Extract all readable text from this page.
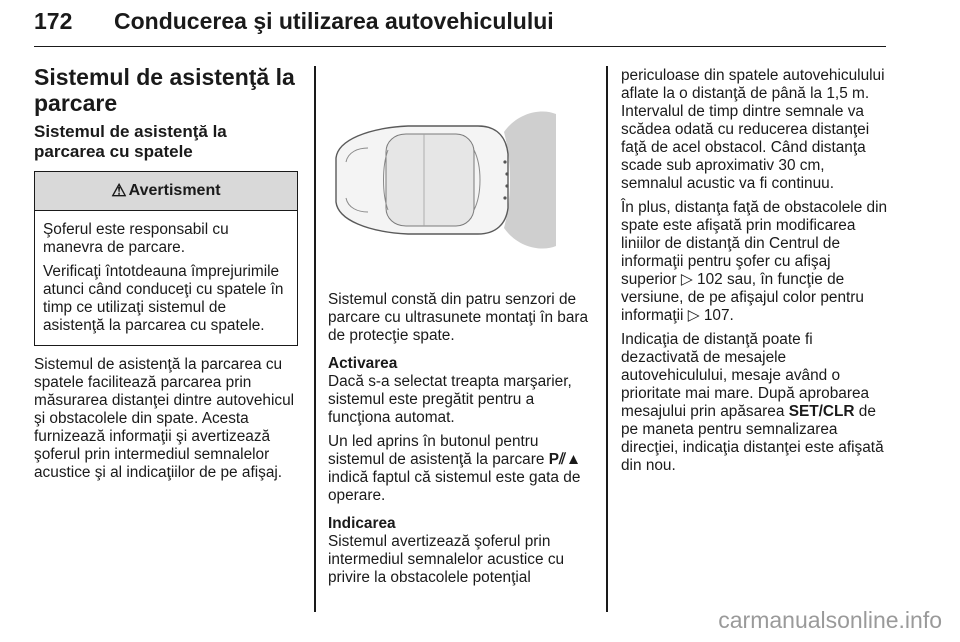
172 Conducerea şi utilizarea autovehiculului
Sistemul de asistenţă la parcare
Sistemul de asistenţă la parcarea cu spatele
⚠ Avertisment

Şoferul este responsabil cu manevra de parcare.

Verificaţi întotdeauna împrejurimile atunci când conduceţi cu spatele în timp ce utilizaţi sistemul de asistenţă la parcarea cu spatele.

Sistemul de asistenţă la parcarea cu spatele facilitează parcarea prin măsurarea distanţei dintre autovehicul şi obstacolele din spate. Acesta furnizează informaţii şi avertizează şoferul prin intermediul semnalelor acustice şi al indicaţiilor de pe afişaj.

Sistemul constă din patru senzori de parcare cu ultrasunete montaţi în bara de protecţie spate.

Activarea

Dacă s-a selectat treapta marşarier, sistemul este pregătit pentru a funcţiona automat.

Un led aprins în butonul pentru sistemul de asistenţă la parcare P⫽▲ indică faptul că sistemul este gata de operare.

Indicarea

Sistemul avertizează şoferul prin intermediul semnalelor acustice cu privire la obstacolele potenţial

periculoase din spatele autovehiculului aflate la o distanţă de până la 1,5 m. Intervalul de timp dintre semnale va scădea odată cu reducerea distanţei faţă de acel obstacol. Când distanţa scade sub aproximativ 30 cm, semnalul acustic va fi continuu.

În plus, distanţa faţă de obstacolele din spate este afişată prin modificarea liniilor de distanţă din Centrul de informaţii pentru şofer cu afişaj superior ▷ 102 sau, în funcţie de versiune, de pe afişajul color pentru informaţii ▷ 107.

Indicaţia de distanţă poate fi dezactivată de mesajele autovehiculului, mesaje având o prioritate mai mare. După aprobarea mesajului prin apăsarea SET/CLR de pe maneta pentru semnalizarea direcţiei, indicaţia distanţei este afişată din nou.

carmanualsonline.info
